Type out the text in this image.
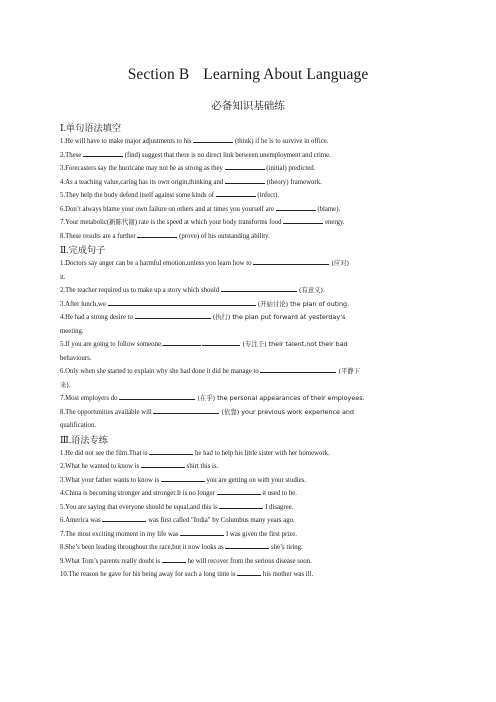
Section B Learning About Language
必备知识基础练
Ⅰ.单句语法填空

1.He will have to make major adjustments to his	(think) if he is to survive in office.

2.These	(find) suggest that there is no direct link between unemployment and crime.

3.Forecasters say the hurricane may not be as strong as they	(initial) predicted.

4.As a teaching value,caring has its own origin,thinking and	(theory) framework.

5.They help the body defend itself against some kinds of	(infect).

6.Don’t always blame your own failure on others and at times you yourself are	(blame).

7.Your metabolic(新陈代谢) rate is the speed at which your body transforms food	energy.

8.These results are a further	(prove) of his outstanding ability.

Ⅱ.完成句子

1.Doctors say anger can be a harmful emotion,unless you learn how to	(应对)
it.

2.The teacher required us to make up a story which should	(有意义).

3.After lunch,we	(开始讨论) the plan of outing.

4.He had a strong desire to	(执行) the plan put forward at yesterday’s
meeting.

5.If you are going to follow someone,	(专注于) their talent,not their bad
behaviours.

6.Only when she started to explain why she had done it did he manage to	(平静下
来).

7.Most employers do	(在乎) the personal appearances of their employees.

8.The opportunities available will	(依靠) your previous work experience and
qualification.

Ⅲ.语法专练

1.He did not see the film.That is	he had to help his little sister with her homework.

2.What he wanted to know is	shirt this is.

3.What your father wants to know is	you are getting on with your studies.

4.China is becoming stronger and stronger.It is no longer	it used to be.

5.You are saying that everyone should be equal,and this is	I disagree.

6.America was	was first called "India" by Columbus many years ago.

7.The most exciting moment in my life was	I was given the first prize.

8.She’s been leading throughout the race,but it now looks as	she’s tiring.

9.What Tom’s parents really doubt is	he will recover from the serious disease soon.

10.The reason he gave for his being away for such a long time is	his mother was ill.
